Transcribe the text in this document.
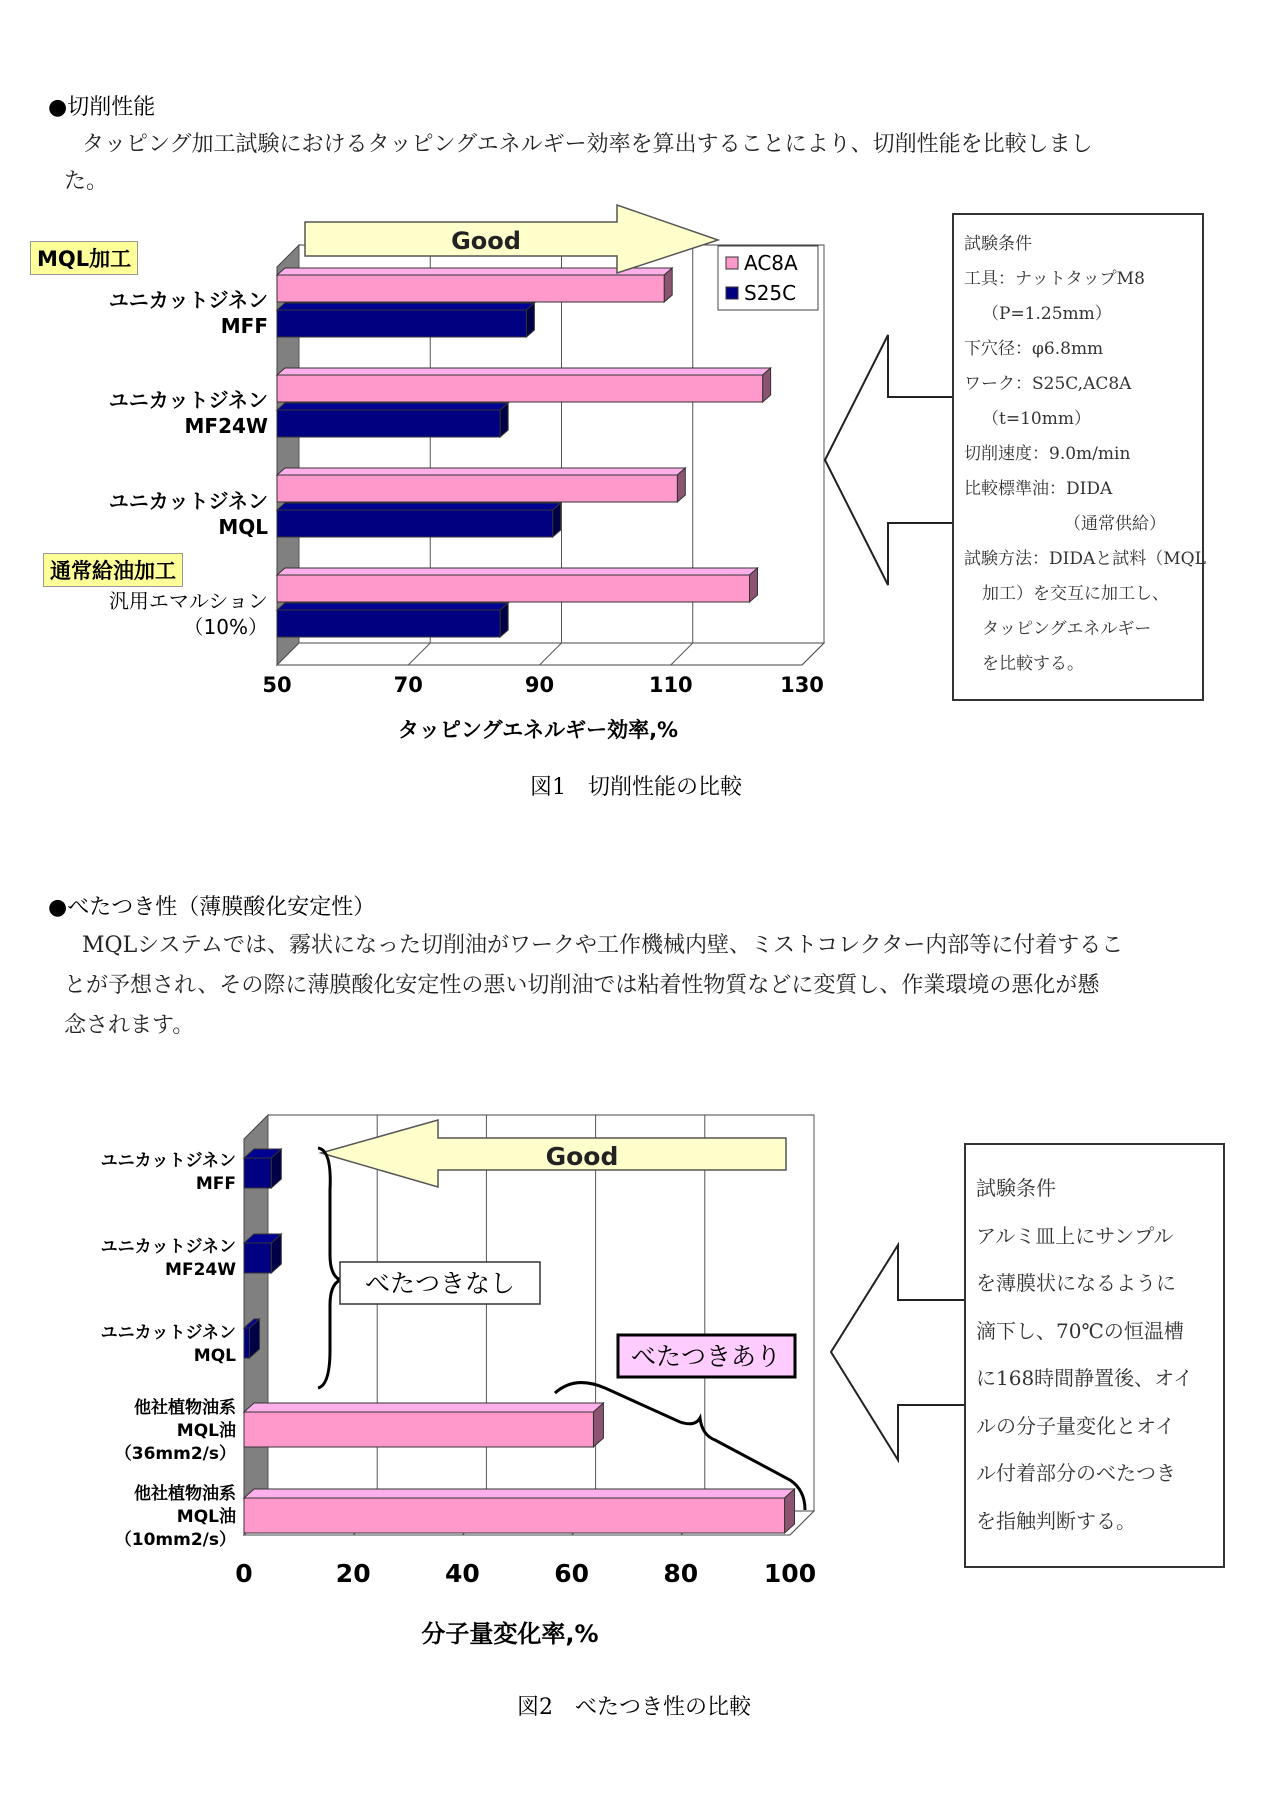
●切削性能
タッピング加工試験におけるタッピングエネルギー効率を算出することにより、切削性能を比較しまし
た。
MQL加工
通常給油加工
ユニカットジネン
MFF
ユニカットジネン
MF24W
ユニカットジネン
MQL
汎用エマルション
（10%）
50	70	90	110	130
タッピングエネルギー効率,%
AC8A
S25C
Good
図1　切削性能の比較
試験条件
工具：ナットタップM8
（P=1.25mm）
下穴径：φ6.8mm
ワーク：S25C,AC8A
（t=10mm）
切削速度：9.0m/min
比較標準油：DIDA
（通常供給）
試験方法：DIDAと試料（MQL
加工）を交互に加工し、
タッピングエネルギー
を比較する。
●べたつき性（薄膜酸化安定性）
MQLシステムでは、霧状になった切削油がワークや工作機械内壁、ミストコレクター内部等に付着するこ
とが予想され、その際に薄膜酸化安定性の悪い切削油では粘着性物質などに変質し、作業環境の悪化が懸
念されます。
ユニカットジネン
MFF
ユニカットジネン
MF24W
ユニカットジネン
MQL
他社植物油系
MQL油
（36mm2/s）
他社植物油系
MQL油
（10mm2/s）
0	20	40	60	80	100
分子量変化率,%
Good
べたつきなし
べたつきあり
図2　べたつき性の比較
試験条件
アルミ皿上にサンプル
を薄膜状になるように
滴下し、70℃の恒温槽
に168時間静置後、オイ
ルの分子量変化とオイ
ル付着部分のべたつき
を指触判断する。
